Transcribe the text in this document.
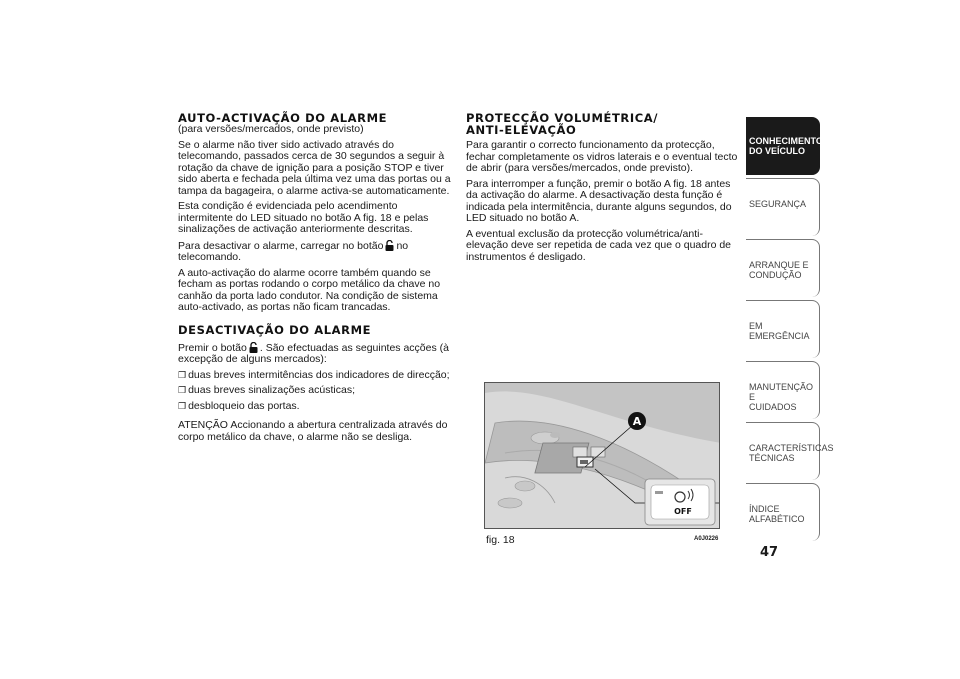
AUTO-ACTIVAÇÃO DO ALARME
(para versões/mercados, onde previsto)

Se o alarme não tiver sido activado através do telecomando, passados cerca de 30 segundos a seguir à rotação da chave de ignição para a posição STOP e tiver sido aberta e fechada pela última vez uma das portas ou a tampa da bagageira, o alarme activa-se automaticamente.

Esta condição é evidenciada pelo acendimento intermitente do LED situado no botão A fig. 18 e pelas sinalizações de activação anteriormente descritas.

Para desactivar o alarme, carregar no botão no telecomando.

A auto-activação do alarme ocorre também quando se fecham as portas rodando o corpo metálico da chave no canhão da porta lado condutor. Na condição de sistema auto-activado, as portas não ficam trancadas.

DESACTIVAÇÃO DO ALARME

Premir o botão . São efectuadas as seguintes acções (à excepção de alguns mercados):

❒ duas breves intermitências dos indicadores de direcção;
❒ duas breves sinalizações acústicas;
❒ desbloqueio das portas.

ATENÇÃO Accionando a abertura centralizada através do corpo metálico da chave, o alarme não se desliga.

PROTECÇÃO VOLUMÉTRICA/
ANTI-ELEVAÇÃO

Para garantir o correcto funcionamento da protecção, fechar completamente os vidros laterais e o eventual tecto de abrir (para versões/mercados, onde previsto).

Para interromper a função, premir o botão A fig. 18 antes da activação do alarme. A desactivação desta função é indicada pela intermitência, durante alguns segundos, do LED situado no botão A.

A eventual exclusão da protecção volumétrica/anti-elevação deve ser repetida de cada vez que o quadro de instrumentos é desligado.

A
OFF
fig. 18	A0J0226
CONHECIMENTO
DO VEÍCULO
SEGURANÇA

ARRANQUE E
CONDUÇÃO
EM EMERGÊNCIA

MANUTENÇÃO E
CUIDADOS
CARACTERÍSTICAS
TÉCNICAS
ÍNDICE ALFABÉTICO

47
